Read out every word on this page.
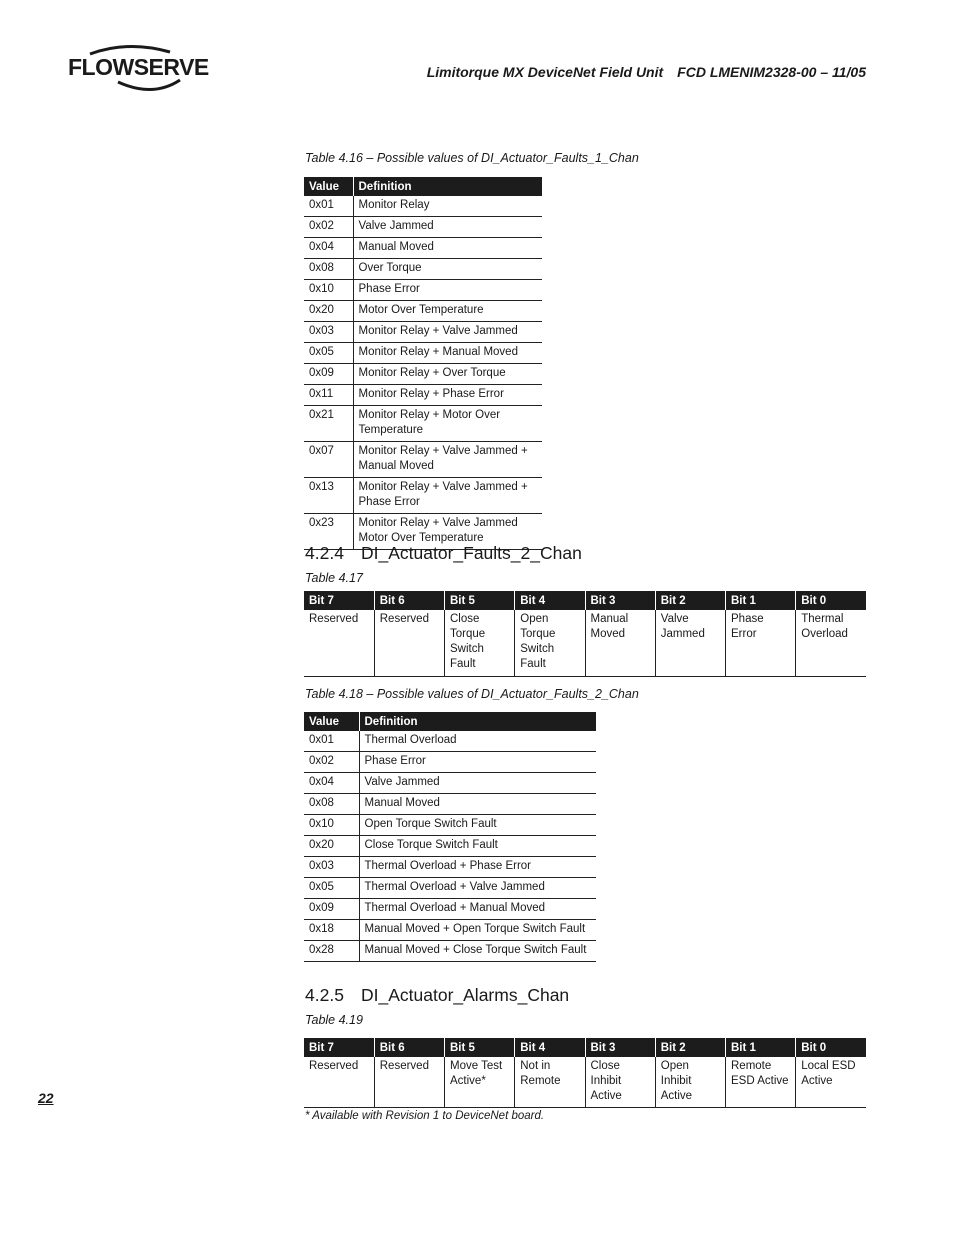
FLOWSERVE	Limitorque MX DeviceNet Field Unit FCD LMENIM2328-00 – 11/05
Table 4.16 – Possible values of DI_Actuator_Faults_1_Chan
Value	Definition
0x01	Monitor Relay
0x02	Valve Jammed
0x04	Manual Moved
0x08	Over Torque
0x10	Phase Error
0x20	Motor Over Temperature
0x03	Monitor Relay + Valve Jammed
0x05	Monitor Relay + Manual Moved
0x09	Monitor Relay + Over Torque
0x11	Monitor Relay + Phase Error
0x21	Monitor Relay + Motor Over Temperature
0x07	Monitor Relay + Valve Jammed + Manual Moved
0x13	Monitor Relay + Valve Jammed + Phase Error
0x23	Monitor Relay + Valve Jammed Motor Over Temperature
4.2.4 DI_Actuator_Faults_2_Chan
Table 4.17
Bit 7	Bit 6	Bit 5	Bit 4	Bit 3	Bit 2	Bit 1	Bit 0
Reserved	Reserved	Close Torque Switch Fault	Open Torque Switch Fault	Manual Moved	Valve Jammed	Phase Error	Thermal Overload
Table 4.18 – Possible values of DI_Actuator_Faults_2_Chan
Value	Definition
0x01	Thermal Overload
0x02	Phase Error
0x04	Valve Jammed
0x08	Manual Moved
0x10	Open Torque Switch Fault
0x20	Close Torque Switch Fault
0x03	Thermal Overload + Phase Error
0x05	Thermal Overload + Valve Jammed
0x09	Thermal Overload + Manual Moved
0x18	Manual Moved + Open Torque Switch Fault
0x28	Manual Moved + Close Torque Switch Fault
4.2.5 DI_Actuator_Alarms_Chan
Table 4.19
Bit 7	Bit 6	Bit 5	Bit 4	Bit 3	Bit 2	Bit 1	Bit 0
Reserved	Reserved	Move Test Active*	Not in Remote	Close Inhibit Active	Open Inhibit Active	Remote ESD Active	Local ESD Active
22
* Available with Revision 1 to DeviceNet board.
